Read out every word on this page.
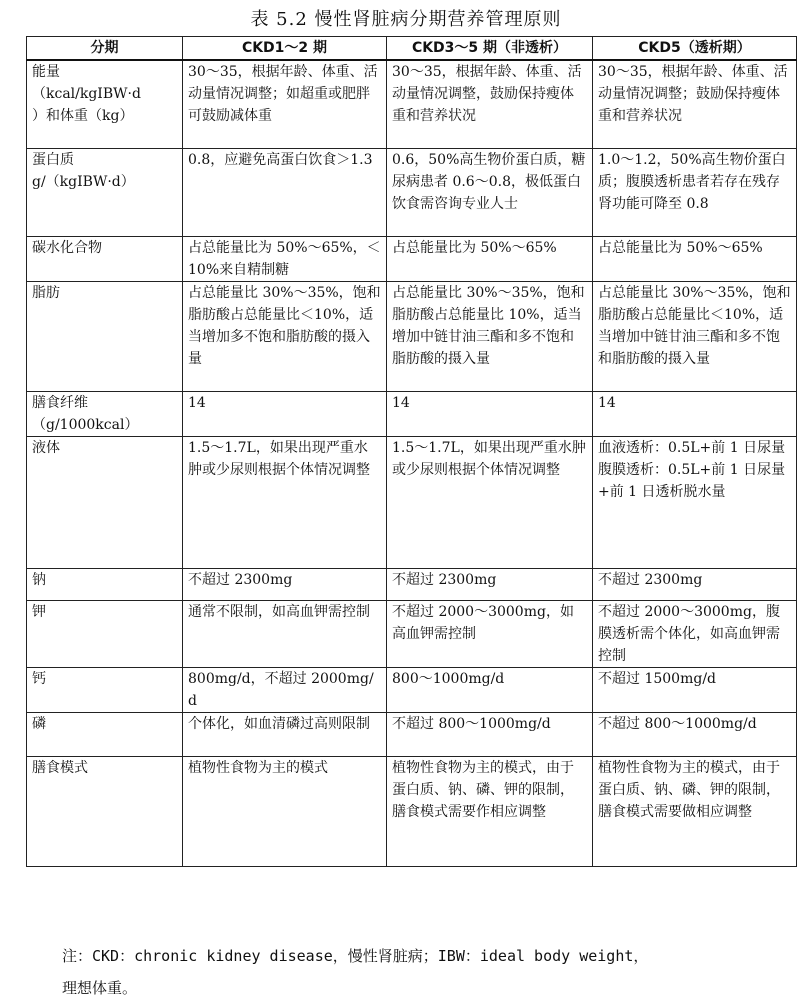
表 5.2 慢性肾脏病分期营养管理原则
分期	CKD1～2 期	CKD3～5 期（非透析）	CKD5（透析期）

能量
（kcal/kgIBW·d
）和体重（kg）	30～35，根据年龄、体重、活动量情况调整；如超重或肥胖可鼓励减体重	30～35，根据年龄、体重、活动量情况调整，鼓励保持瘦体重和营养状况	30～35，根据年龄、体重、活动量情况调整；鼓励保持瘦体重和营养状况

蛋白质
g/（kgIBW·d）	0.8，应避免高蛋白饮食＞1.3	0.6，50%高生物价蛋白质，糖尿病患者 0.6～0.8，极低蛋白饮食需咨询专业人士	1.0～1.2，50%高生物价蛋白质；腹膜透析患者若存在残存肾功能可降至 0.8

碳水化合物	占总能量比为 50%～65%，＜10%来自精制糖	占总能量比为 50%～65%	占总能量比为 50%～65%

脂肪	占总能量比 30%～35%，饱和脂肪酸占总能量比＜10%，适当增加多不饱和脂肪酸的摄入量	占总能量比 30%～35%，饱和脂肪酸占总能量比 10%，适当增加中链甘油三酯和多不饱和脂肪酸的摄入量	占总能量比 30%～35%，饱和脂肪酸占总能量比＜10%，适当增加中链甘油三酯和多不饱和脂肪酸的摄入量

膳食纤维
（g/1000kcal）	14	14	14

液体	1.5～1.7L，如果出现严重水肿或少尿则根据个体情况调整	1.5～1.7L，如果出现严重水肿或少尿则根据个体情况调整	血液透析：0.5L+前 1 日尿量
腹膜透析：0.5L+前 1 日尿量+前 1 日透析脱水量

钠	不超过 2300mg	不超过 2300mg	不超过 2300mg

钾	通常不限制，如高血钾需控制	不超过 2000～3000mg，如高血钾需控制	不超过 2000～3000mg，腹膜透析需个体化，如高血钾需控制

钙	800mg/d，不超过 2000mg/d	800～1000mg/d	不超过 1500mg/d

磷	个体化，如血清磷过高则限制	不超过 800～1000mg/d	不超过 800～1000mg/d

膳食模式	植物性食物为主的模式	植物性食物为主的模式，由于蛋白质、钠、磷、钾的限制，膳食模式需要作相应调整	植物性食物为主的模式，由于蛋白质、钠、磷、钾的限制，膳食模式需要做相应调整
注：CKD：chronic kidney disease，慢性肾脏病；IBW：ideal body weight，
理想体重。
